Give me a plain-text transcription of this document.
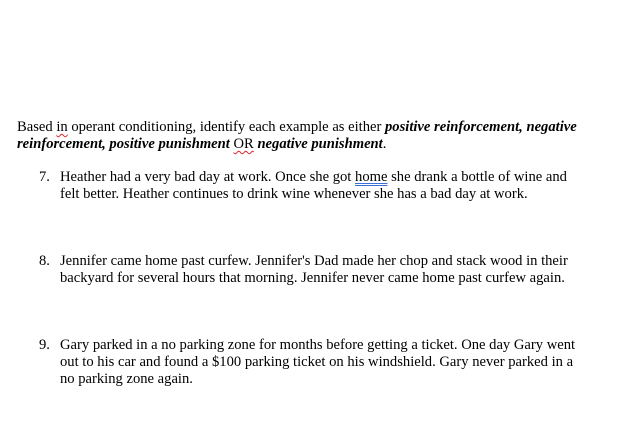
Based in operant conditioning, identify each example as either positive reinforcement, negative reinforcement, positive punishment OR negative punishment.

7. Heather had a very bad day at work. Once she got home she drank a bottle of wine and felt better. Heather continues to drink wine whenever she has a bad day at work.
8. Jennifer came home past curfew. Jennifer's Dad made her chop and stack wood in their backyard for several hours that morning. Jennifer never came home past curfew again.
9. Gary parked in a no parking zone for months before getting a ticket. One day Gary went out to his car and found a $100 parking ticket on his windshield. Gary never parked in a no parking zone again.
